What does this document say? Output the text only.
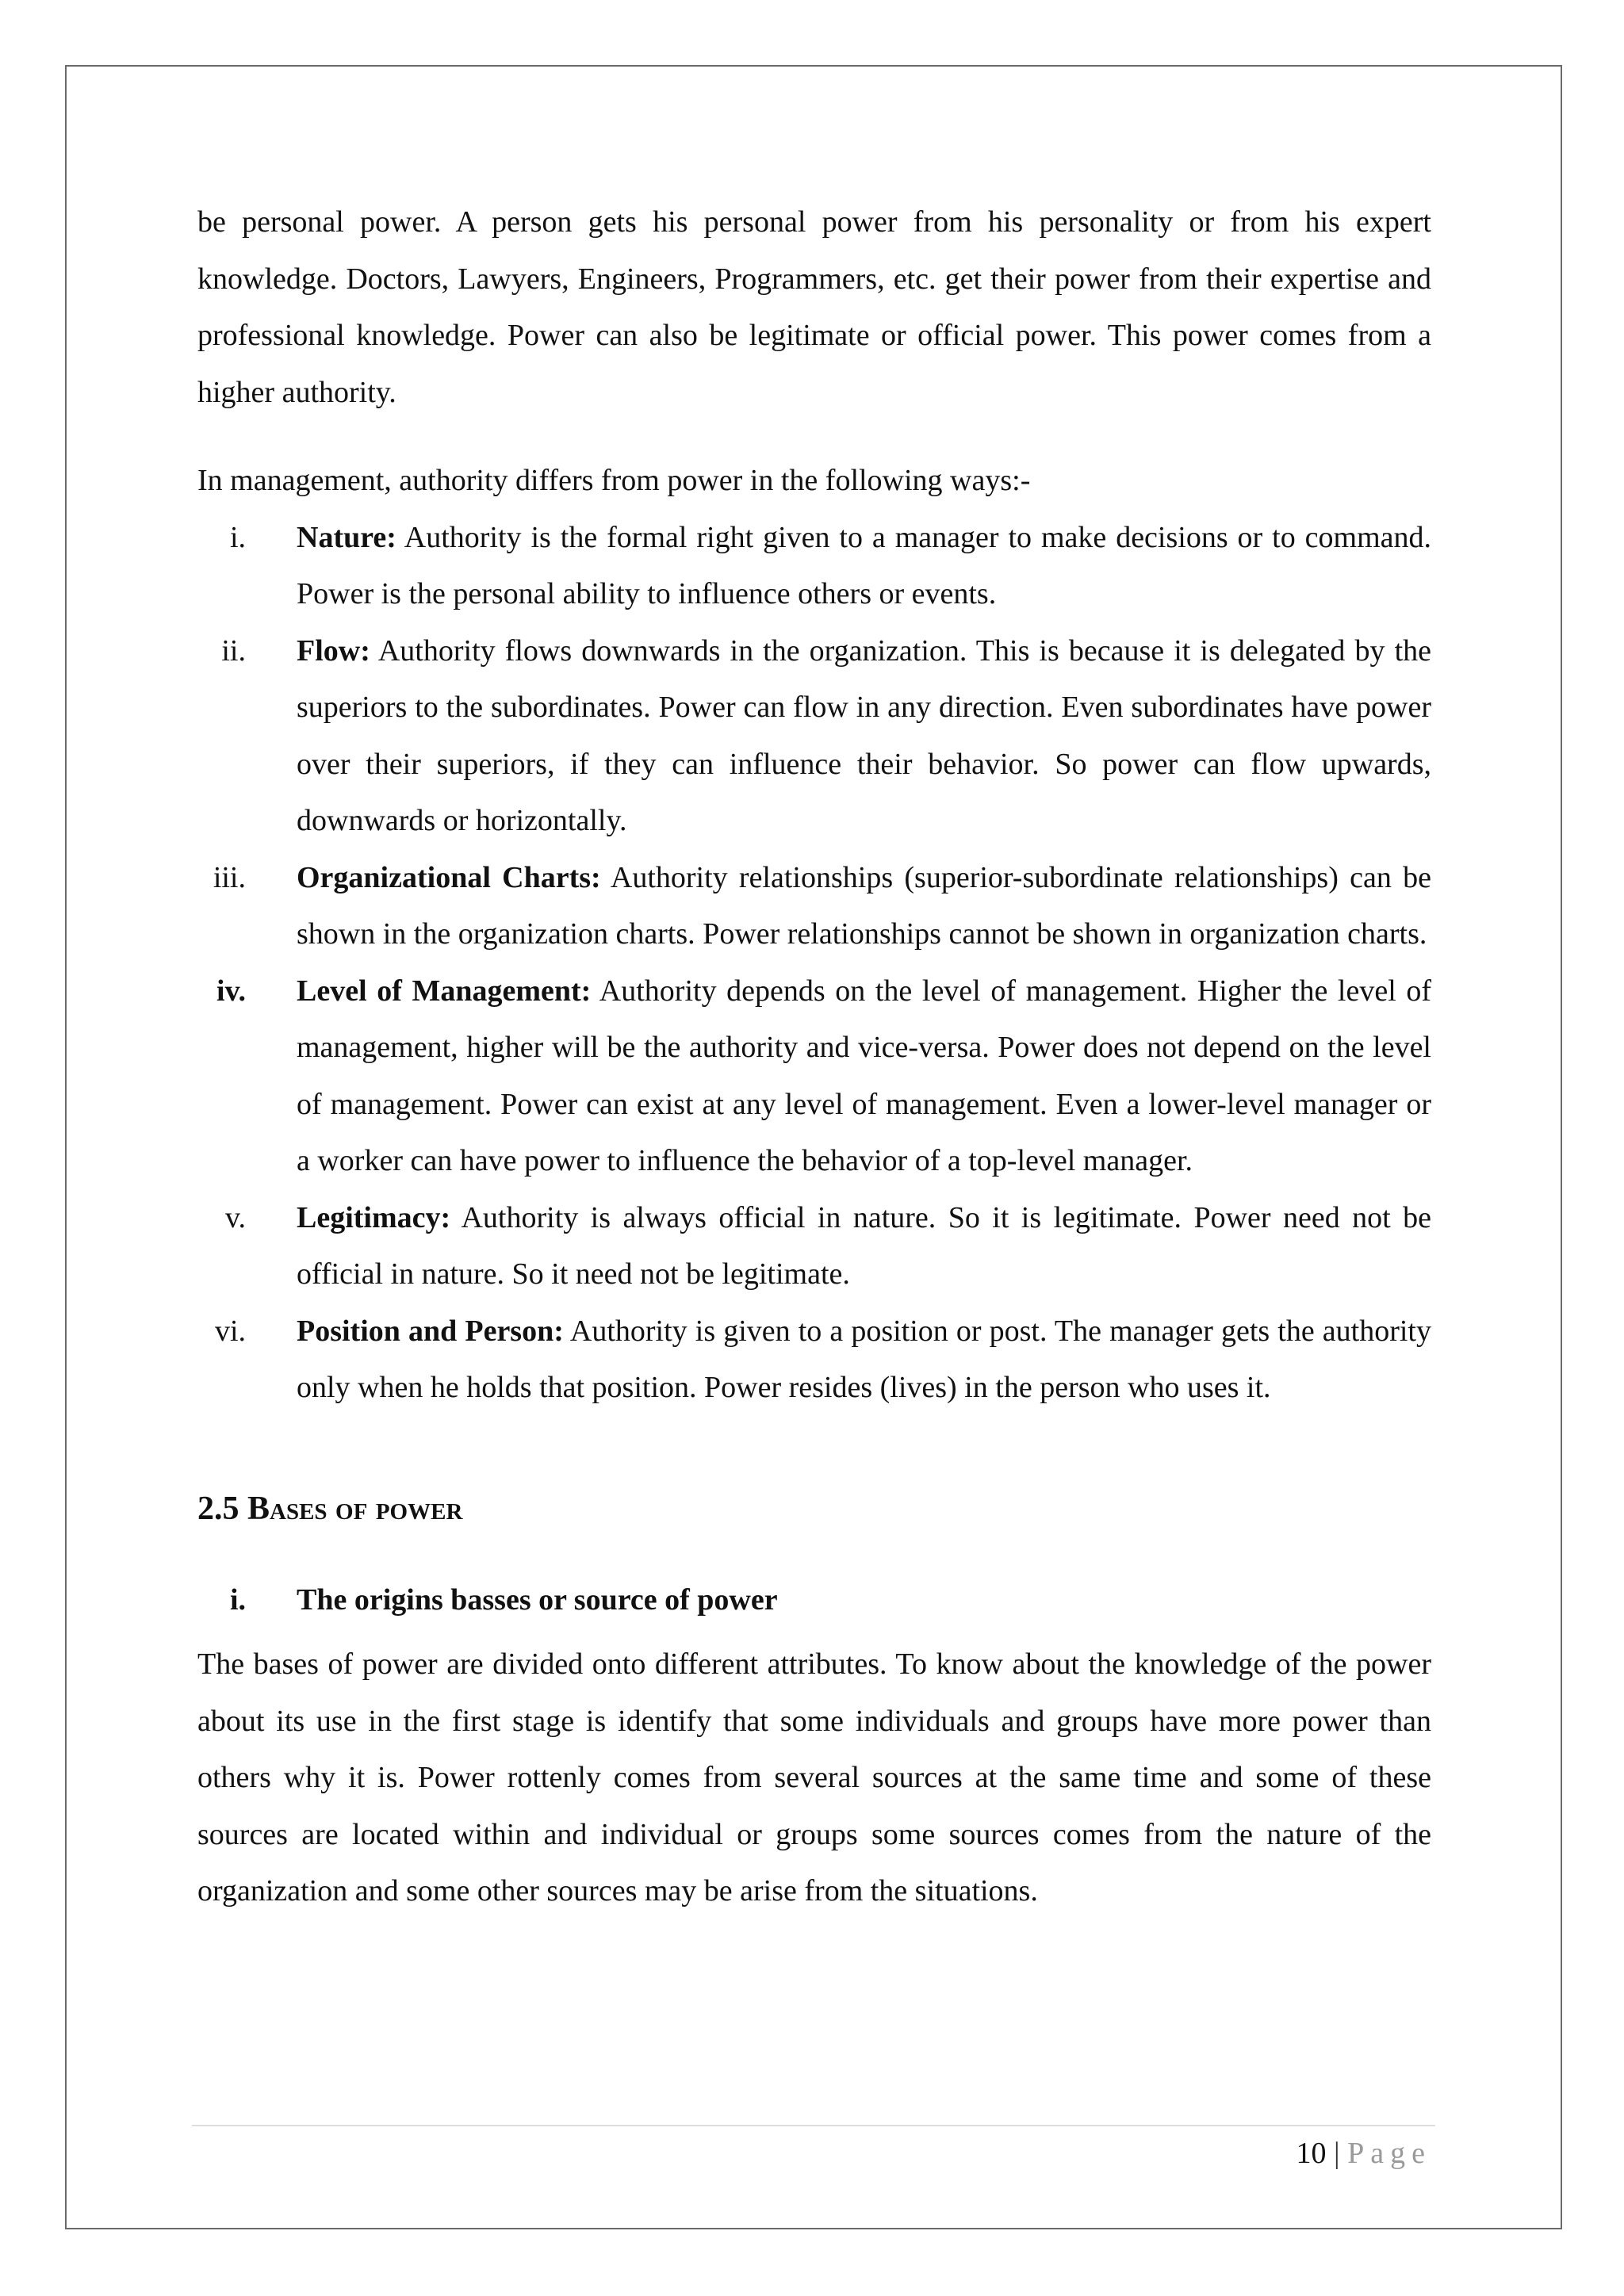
be personal power. A person gets his personal power from his personality or from his expert knowledge. Doctors, Lawyers, Engineers, Programmers, etc. get their power from their expertise and professional knowledge. Power can also be legitimate or official power. This power comes from a higher authority.

In management, authority differs from power in the following ways:-

i. Nature: Authority is the formal right given to a manager to make decisions or to command. Power is the personal ability to influence others or events.
ii. Flow: Authority flows downwards in the organization. This is because it is delegated by the superiors to the subordinates. Power can flow in any direction. Even subordinates have power over their superiors, if they can influence their behavior. So power can flow upwards, downwards or horizontally.
iii. Organizational Charts: Authority relationships (superior-subordinate relationships) can be shown in the organization charts. Power relationships cannot be shown in organization charts.
iv. Level of Management: Authority depends on the level of management. Higher the level of management, higher will be the authority and vice-versa. Power does not depend on the level of management. Power can exist at any level of management. Even a lower-level manager or a worker can have power to influence the behavior of a top-level manager.
v. Legitimacy: Authority is always official in nature. So it is legitimate. Power need not be official in nature. So it need not be legitimate.
vi. Position and Person: Authority is given to a position or post. The manager gets the authority only when he holds that position. Power resides (lives) in the person who uses it.
2.5 Bases of power
i. The origins basses or source of power

The bases of power are divided onto different attributes. To know about the knowledge of the power about its use in the first stage is identify that some individuals and groups have more power than others why it is. Power rottenly comes from several sources at the same time and some of these sources are located within and individual or groups some sources comes from the nature of the organization and some other sources may be arise from the situations.

10 | Page
